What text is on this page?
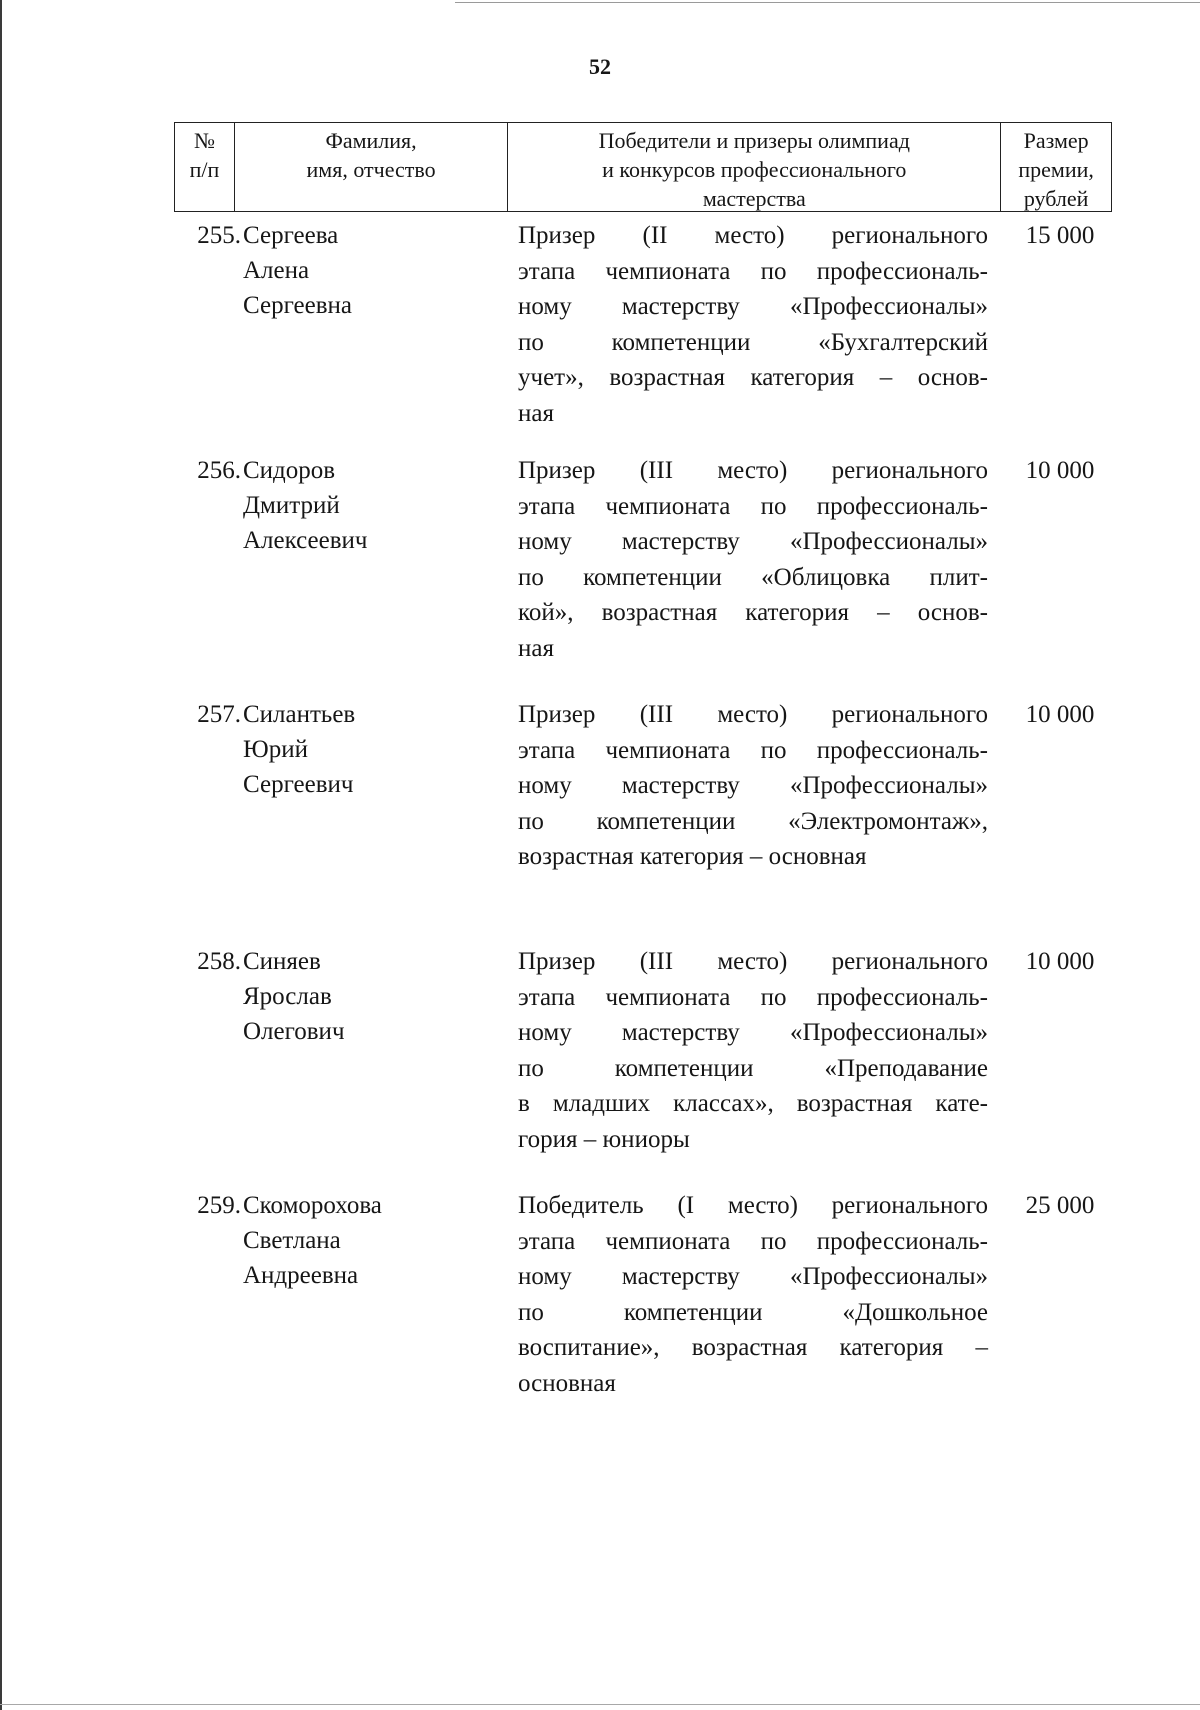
52
№
п/п
Фамилия,
имя, отчество
Победители и призеры олимпиад
и конкурсов профессионального
мастерства
Размер
премии,
рублей
255. Сергеева
Алена
Сергеевна
Призер (II место) регионального
этапа чемпионата по профессиональ-
ному мастерству «Профессионалы»
по компетенции «Бухгалтерский
учет», возрастная категория – основ-
ная
15 000
256. Сидоров
Дмитрий
Алексеевич
Призер (III место) регионального
этапа чемпионата по профессиональ-
ному мастерству «Профессионалы»
по компетенции «Облицовка плит-
кой», возрастная категория – основ-
ная
10 000
257. Силантьев
Юрий
Сергеевич
Призер (III место) регионального
этапа чемпионата по профессиональ-
ному мастерству «Профессионалы»
по компетенции «Электромонтаж»,
возрастная категория – основная
10 000
258. Синяев
Ярослав
Олегович
Призер (III место) регионального
этапа чемпионата по профессиональ-
ному мастерству «Профессионалы»
по компетенции «Преподавание
в младших классах», возрастная кате-
гория – юниоры
10 000
259. Скоморохова
Светлана
Андреевна
Победитель (I место) регионального
этапа чемпионата по профессиональ-
ному мастерству «Профессионалы»
по компетенции «Дошкольное
воспитание», возрастная категория –
основная
25 000
